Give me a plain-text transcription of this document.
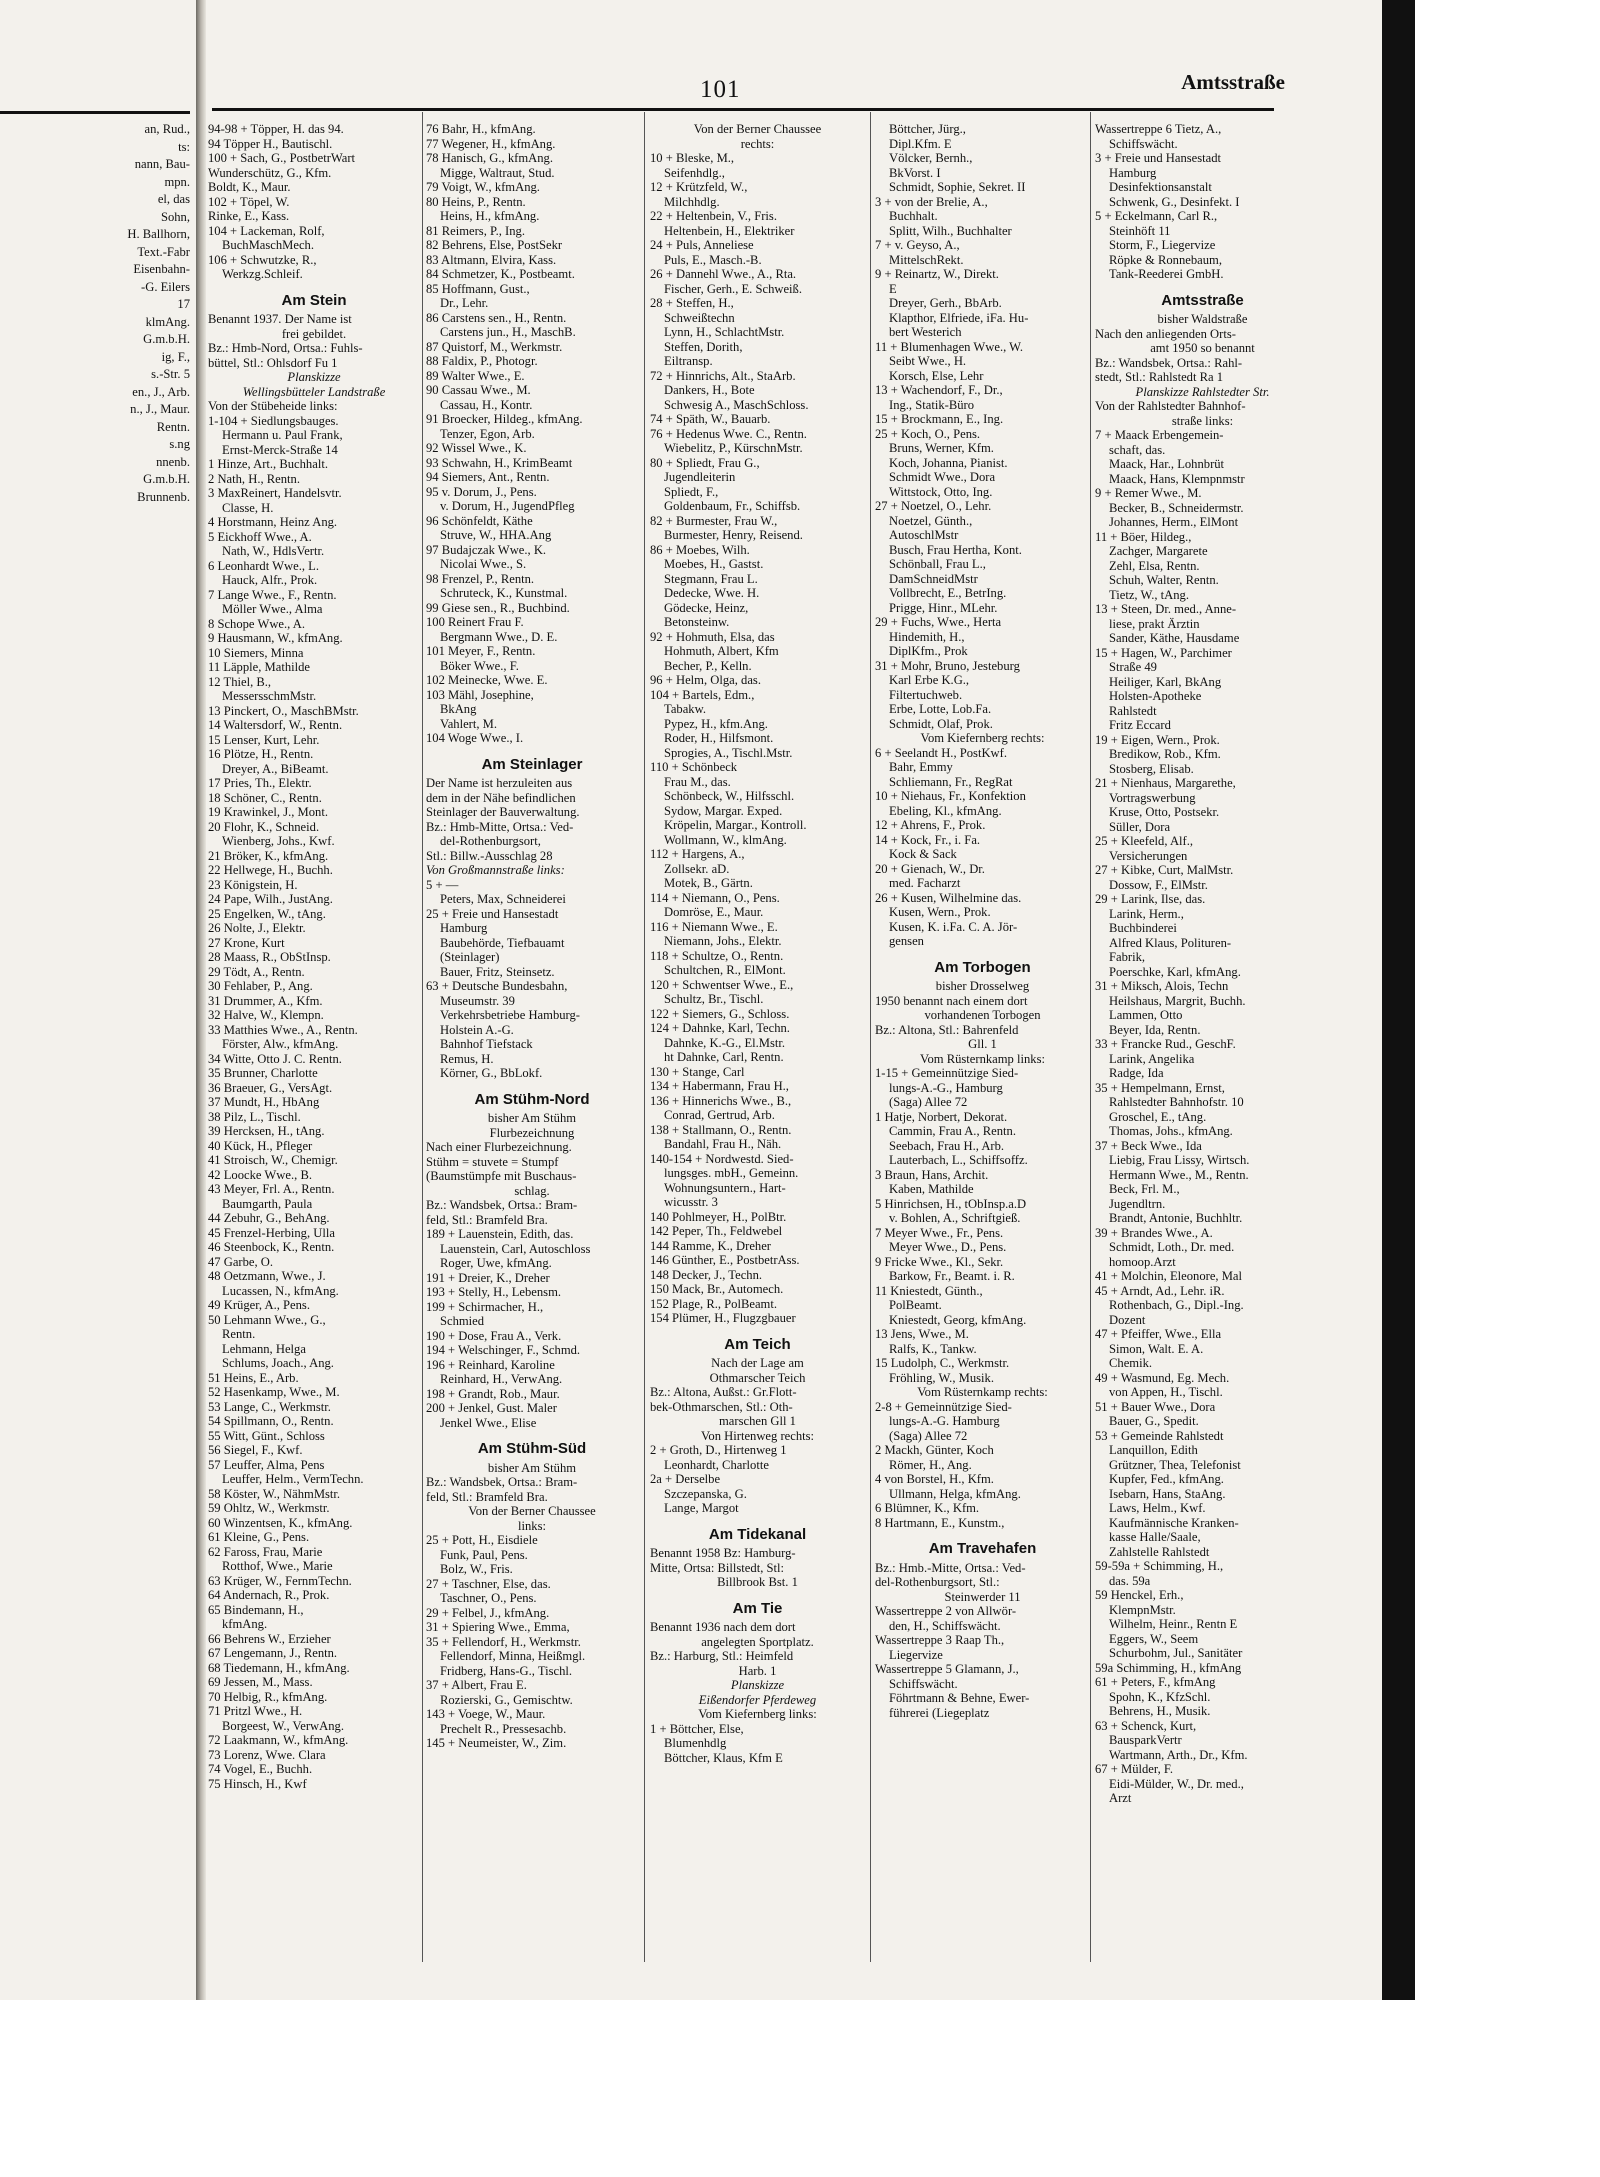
101	Amtsstraße
an, Rud.,
ts:
nann, Bau-
mpn.
el, das
Sohn,
H. Ballhorn,
Text.-Fabr
Eisenbahn-
-G. Eilers
17
klmAng.
G.m.b.H.
ig, F.,
s.-Str. 5
en., J., Arb.
n., J., Maur.
Rentn.
s.ng
nnenb.
G.m.b.H.
Brunnenb.
94-98 + Töpper, H. das 94.
94 Töpper H., Bautischl.
100 + Sach, G., PostbetrWart
Wunderschütz, G., Kfm.
Boldt, K., Maur.
102 + Töpel, W.
Rinke, E., Kass.
104 + Lackeman, Rolf,
BuchMaschMech.
106 + Schwutzke, R.,
Werkzg.Schleif.
Am Stein
Benannt 1937. Der Name ist
frei gebildet.
Bz.: Hmb-Nord, Ortsa.: Fuhls-
büttel, Stl.: Ohlsdorf Fu 1
Planskizze
Wellingsbütteler Landstraße
Von der Stübeheide links:
1-104 + Siedlungsbauges.
Hermann u. Paul Frank,
Ernst-Merck-Straße 14
1 Hinze, Art., Buchhalt.
2 Nath, H., Rentn.
3 MaxReinert, Handelsvtr.
Classe, H.
4 Horstmann, Heinz Ang.
5 Eickhoff Wwe., A.
Nath, W., HdlsVertr.
6 Leonhardt Wwe., L.
Hauck, Alfr., Prok.
7 Lange Wwe., F., Rentn.
Möller Wwe., Alma
8 Schope Wwe., A.
9 Hausmann, W., kfmAng.
10 Siemers, Minna
11 Läpple, Mathilde
12 Thiel, B.,
MessersschmMstr.
13 Pinckert, O., MaschBMstr.
14 Waltersdorf, W., Rentn.
15 Lenser, Kurt, Lehr.
16 Plötze, H., Rentn.
Dreyer, A., BiBeamt.
17 Pries, Th., Elektr.
18 Schöner, C., Rentn.
19 Krawinkel, J., Mont.
20 Flohr, K., Schneid.
Wienberg, Johs., Kwf.
21 Bröker, K., kfmAng.
22 Hellwege, H., Buchh.
23 Königstein, H.
24 Pape, Wilh., JustAng.
25 Engelken, W., tAng.
26 Nolte, J., Elektr.
27 Krone, Kurt
28 Maass, R., ObStInsp.
29 Tödt, A., Rentn.
30 Fehlaber, P., Ang.
31 Drummer, A., Kfm.
32 Halve, W., Klempn.
33 Matthies Wwe., A., Rentn.
Förster, Alw., kfmAng.
34 Witte, Otto J. C. Rentn.
35 Brunner, Charlotte
36 Braeuer, G., VersAgt.
37 Mundt, H., HbAng
38 Pilz, L., Tischl.
39 Hercksen, H., tAng.
40 Kück, H., Pfleger
41 Stroisch, W., Chemigr.
42 Loocke Wwe., B.
43 Meyer, Frl. A., Rentn.
Baumgarth, Paula
44 Zebuhr, G., BehAng.
45 Frenzel-Herbing, Ulla
46 Steenbock, K., Rentn.
47 Garbe, O.
48 Oetzmann, Wwe., J.
Lucassen, N., kfmAng.
49 Krüger, A., Pens.
50 Lehmann Wwe., G.,
Rentn.
Lehmann, Helga
Schlums, Joach., Ang.
51 Heins, E., Arb.
52 Hasenkamp, Wwe., M.
53 Lange, C., Werkmstr.
54 Spillmann, O., Rentn.
55 Witt, Günt., Schloss
56 Siegel, F., Kwf.
57 Leuffer, Alma, Pens
Leuffer, Helm., VermTechn.
58 Köster, W., NähmMstr.
59 Ohltz, W., Werkmstr.
60 Winzentsen, K., kfmAng.
61 Kleine, G., Pens.
62 Faross, Frau, Marie
Rotthof, Wwe., Marie
63 Krüger, W., FernmTechn.
64 Andernach, R., Prok.
65 Bindemann, H.,
kfmAng.
66 Behrens W., Erzieher
67 Lengemann, J., Rentn.
68 Tiedemann, H., kfmAng.
69 Jessen, M., Mass.
70 Helbig, R., kfmAng.
71 Pritzl Wwe., H.
Borgeest, W., VerwAng.
72 Laakmann, W., kfmAng.
73 Lorenz, Wwe. Clara
74 Vogel, E., Buchh.
75 Hinsch, H., Kwf
76 Bahr, H., kfmAng.
77 Wegener, H., kfmAng.
78 Hanisch, G., kfmAng.
Migge, Waltraut, Stud.
79 Voigt, W., kfmAng.
80 Heins, P., Rentn.
Heins, H., kfmAng.
81 Reimers, P., Ing.
82 Behrens, Else, PostSekr
83 Altmann, Elvira, Kass.
84 Schmetzer, K., Postbeamt.
85 Hoffmann, Gust.,
Dr., Lehr.
86 Carstens sen., H., Rentn.
Carstens jun., H., MaschB.
87 Quistorf, M., Werkmstr.
88 Faldix, P., Photogr.
89 Walter Wwe., E.
90 Cassau Wwe., M.
Cassau, H., Kontr.
91 Broecker, Hildeg., kfmAng.
Tenzer, Egon, Arb.
92 Wissel Wwe., K.
93 Schwahn, H., KrimBeamt
94 Siemers, Ant., Rentn.
95 v. Dorum, J., Pens.
v. Dorum, H., JugendPfleg
96 Schönfeldt, Käthe
Struve, W., HHA.Ang
97 Budajczak Wwe., K.
Nicolai Wwe., S.
98 Frenzel, P., Rentn.
Schruteck, K., Kunstmal.
99 Giese sen., R., Buchbind.
100 Reinert Frau F.
Bergmann Wwe., D. E.
101 Meyer, F., Rentn.
Böker Wwe., F.
102 Meinecke, Wwe. E.
103 Mähl, Josephine,
BkAng
Vahlert, M.
104 Woge Wwe., I.
Am Steinlager
Der Name ist herzuleiten aus
dem in der Nähe befindlichen
Steinlager der Bauverwaltung.
Bz.: Hmb-Mitte, Ortsa.: Ved-
del-Rothenburgsort,
Stl.: Billw.-Ausschlag 28
Von Großmannstraße links:
5 + —
Peters, Max, Schneiderei
25 + Freie und Hansestadt
Hamburg
Baubehörde, Tiefbauamt
(Steinlager)
Bauer, Fritz, Steinsetz.
63 + Deutsche Bundesbahn,
Museumstr. 39
Verkehrsbetriebe Hamburg-
Holstein A.-G.
Bahnhof Tiefstack
Remus, H.
Körner, G., BbLokf.
Am Stühm-Nord
bisher Am Stühm
Flurbezeichnung
Nach einer Flurbezeichnung.
Stühm = stuvete = Stumpf
(Baumstümpfe mit Buschaus-
schlag.
Bz.: Wandsbek, Ortsa.: Bram-
feld, Stl.: Bramfeld Bra.
189 + Lauenstein, Edith, das.
Lauenstein, Carl, Autoschloss
Roger, Uwe, kfmAng.
191 + Dreier, K., Dreher
193 + Stelly, H., Lebensm.
199 + Schirmacher, H.,
Schmied
190 + Dose, Frau A., Verk.
194 + Welschinger, F., Schmd.
196 + Reinhard, Karoline
Reinhard, H., VerwAng.
198 + Grandt, Rob., Maur.
200 + Jenkel, Gust. Maler
Jenkel Wwe., Elise
Am Stühm-Süd
bisher Am Stühm
Bz.: Wandsbek, Ortsa.: Bram-
feld, Stl.: Bramfeld Bra.
Von der Berner Chaussee
links:
25 + Pott, H., Eisdiele
Funk, Paul, Pens.
Bolz, W., Fris.
27 + Taschner, Else, das.
Taschner, O., Pens.
29 + Felbel, J., kfmAng.
31 + Spiering Wwe., Emma,
35 + Fellendorf, H., Werkmstr.
Fellendorf, Minna, Heißmgl.
Fridberg, Hans-G., Tischl.
37 + Albert, Frau E.
Rozierski, G., Gemischtw.
143 + Voege, W., Maur.
Prechelt R., Pressesachb.
145 + Neumeister, W., Zim.
Von der Berner Chaussee
rechts:
10 + Bleske, M.,
Seifenhdlg.,
12 + Krützfeld, W.,
Milchhdlg.
22 + Heltenbein, V., Fris.
Heltenbein, H., Elektriker
24 + Puls, Anneliese
Puls, E., Masch.-B.
26 + Dannehl Wwe., A., Rta.
Fischer, Gerh., E. Schweiß.
28 + Steffen, H.,
Schweißtechn
Lynn, H., SchlachtMstr.
Steffen, Dorith,
Eiltransp.
72 + Hinnrichs, Alt., StaArb.
Dankers, H., Bote
Schwesig A., MaschSchloss.
74 + Späth, W., Bauarb.
76 + Hedenus Wwe. C., Rentn.
Wiebelitz, P., KürschnMstr.
80 + Spliedt, Frau G.,
Jugendleiterin
Spliedt, F.,
Goldenbaum, Fr., Schiffsb.
82 + Burmester, Frau W.,
Burmester, Henry, Reisend.
86 + Moebes, Wilh.
Moebes, H., Gastst.
Stegmann, Frau L.
Dedecke, Wwe. H.
Gödecke, Heinz,
Betonsteinw.
92 + Hohmuth, Elsa, das
Hohmuth, Albert, Kfm
Becher, P., Kelln.
96 + Helm, Olga, das.
104 + Bartels, Edm.,
Tabakw.
Pypez, H., kfm.Ang.
Roder, H., Hilfsmont.
Sprogies, A., Tischl.Mstr.
110 + Schönbeck
Frau M., das.
Schönbeck, W., Hilfsschl.
Sydow, Margar. Exped.
Kröpelin, Margar., Kontroll.
Wollmann, W., klmAng.
112 + Hargens, A.,
Zollsekr. aD.
Motek, B., Gärtn.
114 + Niemann, O., Pens.
Domröse, E., Maur.
116 + Niemann Wwe., E.
Niemann, Johs., Elektr.
118 + Schultze, O., Rentn.
Schultchen, R., ElMont.
120 + Schwentser Wwe., E.,
Schultz, Br., Tischl.
122 + Siemers, G., Schloss.
124 + Dahnke, Karl, Techn.
Dahnke, K.-G., El.Mstr.
ht Dahnke, Carl, Rentn.
130 + Stange, Carl
134 + Habermann, Frau H.,
136 + Hinnerichs Wwe., B.,
Conrad, Gertrud, Arb.
138 + Stallmann, O., Rentn.
Bandahl, Frau H., Näh.
140-154 + Nordwestd. Sied-
lungsges. mbH., Gemeinn.
Wohnungsuntern., Hart-
wicusstr. 3
140 Pohlmeyer, H., PolBtr.
142 Peper, Th., Feldwebel
144 Ramme, K., Dreher
146 Günther, E., PostbetrAss.
148 Decker, J., Techn.
150 Mack, Br., Automech.
152 Plage, R., PolBeamt.
154 Plümer, H., Flugzgbauer
Am Teich
Nach der Lage am
Othmarscher Teich
Bz.: Altona, Außst.: Gr.Flott-
bek-Othmarschen, Stl.: Oth-
marschen Gll 1
Von Hirtenweg rechts:
2 + Groth, D., Hirtenweg 1
Leonhardt, Charlotte
2a + Derselbe
Szczepanska, G.
Lange, Margot
Am Tidekanal
Benannt 1958 Bz: Hamburg-
Mitte, Ortsa: Billstedt, Stl:
Billbrook Bst. 1
Am Tie
Benannt 1936 nach dem dort
angelegten Sportplatz.
Bz.: Harburg, Stl.: Heimfeld
Harb. 1
Planskizze
Eißendorfer Pferdeweg
Vom Kiefernberg links:
1 + Böttcher, Else,
Blumenhdlg
Böttcher, Klaus, Kfm E
Böttcher, Jürg.,
Dipl.Kfm. E
Völcker, Bernh.,
BkVorst. I
Schmidt, Sophie, Sekret. II
3 + von der Brelie, A.,
Buchhalt.
Splitt, Wilh., Buchhalter
7 + v. Geyso, A.,
MittelschRekt.
9 + Reinartz, W., Direkt.
E
Dreyer, Gerh., BbArb.
Klapthor, Elfriede, iFa. Hu-
bert Westerich
11 + Blumenhagen Wwe., W.
Seibt Wwe., H.
Korsch, Else, Lehr
13 + Wachendorf, F., Dr.,
Ing., Statik-Büro
15 + Brockmann, E., Ing.
25 + Koch, O., Pens.
Bruns, Werner, Kfm.
Koch, Johanna, Pianist.
Schmidt Wwe., Dora
Wittstock, Otto, Ing.
27 + Noetzel, O., Lehr.
Noetzel, Günth.,
AutoschlMstr
Busch, Frau Hertha, Kont.
Schönball, Frau L.,
DamSchneidMstr
Vollbrecht, E., BetrIng.
Prigge, Hinr., MLehr.
29 + Fuchs, Wwe., Herta
Hindemith, H.,
DiplKfm., Prok
31 + Mohr, Bruno, Jesteburg
Karl Erbe K.G.,
Filtertuchweb.
Erbe, Lotte, Lob.Fa.
Schmidt, Olaf, Prok.
Vom Kiefernberg rechts:
6 + Seelandt H., PostKwf.
Bahr, Emmy
Schliemann, Fr., RegRat
10 + Niehaus, Fr., Konfektion
Ebeling, Kl., kfmAng.
12 + Ahrens, F., Prok.
14 + Kock, Fr., i. Fa.
Kock & Sack
20 + Gienach, W., Dr.
med. Facharzt
26 + Kusen, Wilhelmine das.
Kusen, Wern., Prok.
Kusen, K. i.Fa. C. A. Jör-
gensen
Am Torbogen
bisher Drosselweg
1950 benannt nach einem dort
vorhandenen Torbogen
Bz.: Altona, Stl.: Bahrenfeld
Gll. 1
Vom Rüsternkamp links:
1-15 + Gemeinnützige Sied-
lungs-A.-G., Hamburg
(Saga) Allee 72
1 Hatje, Norbert, Dekorat.
Cammin, Frau A., Rentn.
Seebach, Frau H., Arb.
Lauterbach, L., Schiffsoffz.
3 Braun, Hans, Archit.
Kaben, Mathilde
5 Hinrichsen, H., tObInsp.a.D
v. Bohlen, A., Schriftgieß.
7 Meyer Wwe., Fr., Pens.
Meyer Wwe., D., Pens.
9 Fricke Wwe., Kl., Sekr.
Barkow, Fr., Beamt. i. R.
11 Kniestedt, Günth.,
PolBeamt.
Kniestedt, Georg, kfmAng.
13 Jens, Wwe., M.
Ralfs, K., Tankw.
15 Ludolph, C., Werkmstr.
Fröhling, W., Musik.
Vom Rüsternkamp rechts:
2-8 + Gemeinnützige Sied-
lungs-A.-G. Hamburg
(Saga) Allee 72
2 Mackh, Günter, Koch
Römer, H., Ang.
4 von Borstel, H., Kfm.
Ullmann, Helga, kfmAng.
6 Blümner, K., Kfm.
8 Hartmann, E., Kunstm.,
Am Travehafen
Bz.: Hmb.-Mitte, Ortsa.: Ved-
del-Rothenburgsort, Stl.:
Steinwerder 11
Wassertreppe 2 von Allwör-
den, H., Schiffswächt.
Wassertreppe 3 Raap Th.,
Liegervize
Wassertreppe 5 Glamann, J.,
Schiffswächt.
Föhrtmann & Behne, Ewer-
führerei (Liegeplatz
Wassertreppe 6 Tietz, A.,
Schiffswächt.
3 + Freie und Hansestadt
Hamburg
Desinfektionsanstalt
Schwenk, G., Desinfekt. I
5 + Eckelmann, Carl R.,
Steinhöft 11
Storm, F., Liegervize
Röpke & Ronnebaum,
Tank-Reederei GmbH.
Amtsstraße
bisher Waldstraße
Nach den anliegenden Orts-
amt 1950 so benannt
Bz.: Wandsbek, Ortsa.: Rahl-
stedt, Stl.: Rahlstedt Ra 1
Planskizze Rahlstedter Str.
Von der Rahlstedter Bahnhof-
straße links:
7 + Maack Erbengemein-
schaft, das.
Maack, Har., Lohnbrüt
Maack, Hans, Klempnmstr
9 + Remer Wwe., M.
Becker, B., Schneidermstr.
Johannes, Herm., ElMont
11 + Böer, Hildeg.,
Zachger, Margarete
Zehl, Elsa, Rentn.
Schuh, Walter, Rentn.
Tietz, W., tAng.
13 + Steen, Dr. med., Anne-
liese, prakt Ärztin
Sander, Käthe, Hausdame
15 + Hagen, W., Parchimer
Straße 49
Heiliger, Karl, BkAng
Holsten-Apotheke
Rahlstedt
Fritz Eccard
19 + Eigen, Wern., Prok.
Bredikow, Rob., Kfm.
Stosberg, Elisab.
21 + Nienhaus, Margarethe,
Vortragswerbung
Kruse, Otto, Postsekr.
Süller, Dora
25 + Kleefeld, Alf.,
Versicherungen
27 + Kibke, Curt, MalMstr.
Dossow, F., ElMstr.
29 + Larink, Ilse, das.
Larink, Herm.,
Buchbinderei
Alfred Klaus, Polituren-
Fabrik,
Poerschke, Karl, kfmAng.
31 + Miksch, Alois, Techn
Heilshaus, Margrit, Buchh.
Lammen, Otto
Beyer, Ida, Rentn.
33 + Francke Rud., GeschF.
Larink, Angelika
Radge, Ida
35 + Hempelmann, Ernst,
Rahlstedter Bahnhofstr. 10
Groschel, E., tAng.
Thomas, Johs., kfmAng.
37 + Beck Wwe., Ida
Liebig, Frau Lissy, Wirtsch.
Hermann Wwe., M., Rentn.
Beck, Frl. M.,
Jugendltrn.
Brandt, Antonie, Buchhltr.
39 + Brandes Wwe., A.
Schmidt, Loth., Dr. med.
homoop.Arzt
41 + Molchin, Eleonore, Mal
45 + Arndt, Ad., Lehr. iR.
Rothenbach, G., Dipl.-Ing.
Dozent
47 + Pfeiffer, Wwe., Ella
Simon, Walt. E. A.
Chemik.
49 + Wasmund, Eg. Mech.
von Appen, H., Tischl.
51 + Bauer Wwe., Dora
Bauer, G., Spedit.
53 + Gemeinde Rahlstedt
Lanquillon, Edith
Grützner, Thea, Telefonist
Kupfer, Fed., kfmAng.
Isebarn, Hans, StaAng.
Laws, Helm., Kwf.
Kaufmännische Kranken-
kasse Halle/Saale,
Zahlstelle Rahlstedt
59-59a + Schimming, H.,
das. 59a
59 Henckel, Erh.,
KlempnMstr.
Wilhelm, Heinr., Rentn E
Eggers, W., Seem
Schurbohm, Jul., Sanitäter
59a Schimming, H., kfmAng
61 + Peters, F., kfmAng
Spohn, K., KfzSchl.
Behrens, H., Musik.
63 + Schenck, Kurt,
BausparkVertr
Wartmann, Arth., Dr., Kfm.
67 + Mülder, F.
Eidi-Mülder, W., Dr. med.,
Arzt
